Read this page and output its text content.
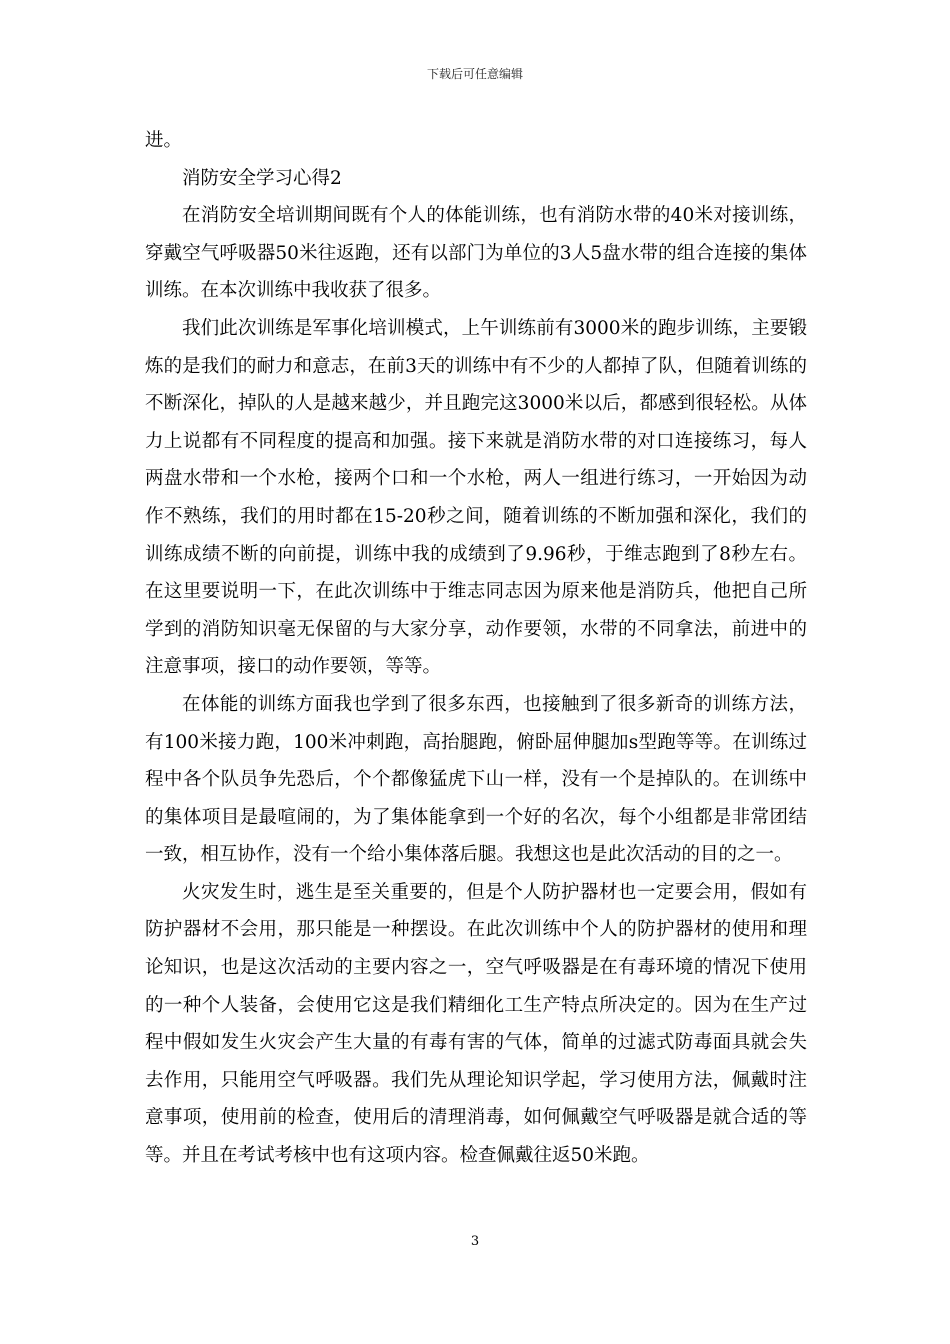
下载后可任意编辑

进。

消防安全学习心得2

在消防安全培训期间既有个人的体能训练，也有消防水带的40米对接训练，穿戴空气呼吸器50米往返跑，还有以部门为单位的3人5盘水带的组合连接的集体训练。在本次训练中我收获了很多。

我们此次训练是军事化培训模式，上午训练前有3000米的跑步训练，主要锻炼的是我们的耐力和意志，在前3天的训练中有不少的人都掉了队，但随着训练的不断深化，掉队的人是越来越少，并且跑完这3000米以后，都感到很轻松。从体力上说都有不同程度的提高和加强。接下来就是消防水带的对口连接练习，每人两盘水带和一个水枪，接两个口和一个水枪，两人一组进行练习，一开始因为动作不熟练，我们的用时都在15-20秒之间，随着训练的不断加强和深化，我们的训练成绩不断的向前提，训练中我的成绩到了9.96秒，于维志跑到了8秒左右。在这里要说明一下，在此次训练中于维志同志因为原来他是消防兵，他把自己所学到的消防知识毫无保留的与大家分享，动作要领，水带的不同拿法，前进中的注意事项，接口的动作要领，等等。

在体能的训练方面我也学到了很多东西，也接触到了很多新奇的训练方法，有100米接力跑，100米冲刺跑，高抬腿跑，俯卧屈伸腿加s型跑等等。在训练过程中各个队员争先恐后，个个都像猛虎下山一样，没有一个是掉队的。在训练中的集体项目是最喧闹的，为了集体能拿到一个好的名次，每个小组都是非常团结一致，相互协作，没有一个给小集体落后腿。我想这也是此次活动的目的之一。

火灾发生时，逃生是至关重要的，但是个人防护器材也一定要会用，假如有防护器材不会用，那只能是一种摆设。在此次训练中个人的防护器材的使用和理论知识，也是这次活动的主要内容之一，空气呼吸器是在有毒环境的情况下使用的一种个人装备，会使用它这是我们精细化工生产特点所决定的。因为在生产过程中假如发生火灾会产生大量的有毒有害的气体，简单的过滤式防毒面具就会失去作用，只能用空气呼吸器。我们先从理论知识学起，学习使用方法，佩戴时注意事项，使用前的检查，使用后的清理消毒，如何佩戴空气呼吸器是就合适的等等。并且在考试考核中也有这项内容。检查佩戴往返50米跑。

3
